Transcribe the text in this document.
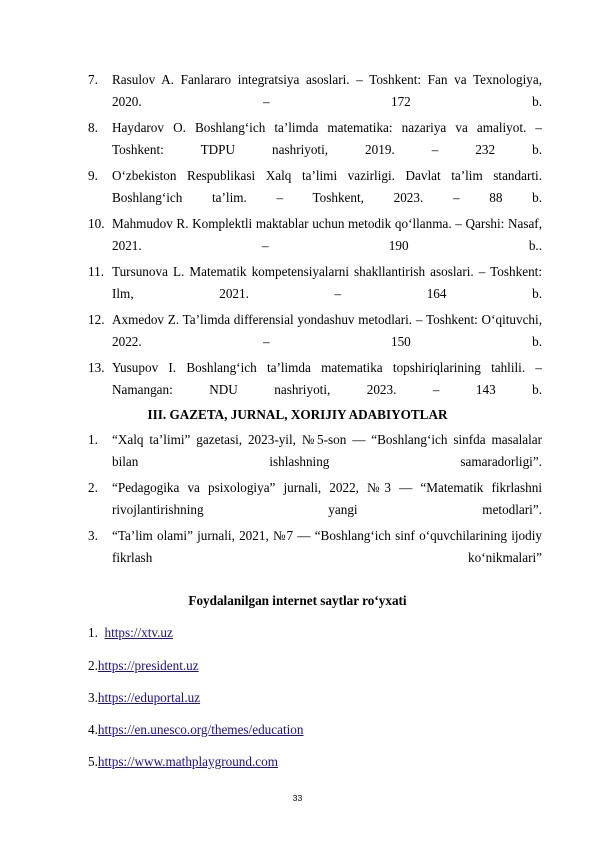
7.	Rasulov A. Fanlararo integratsiya asoslari. – Toshkent: Fan va Texnologiya, 2020. – 172 b.
8.	Haydarov O. Boshlang‘ich ta’limda matematika: nazariya va amaliyot. – Toshkent: TDPU nashriyoti, 2019. – 232 b.
9.	O‘zbekiston Respublikasi Xalq ta’limi vazirligi. Davlat ta’lim standarti. Boshlang‘ich ta’lim. – Toshkent, 2023. – 88 b.
10. Mahmudov R. Komplektli maktablar uchun metodik qo‘llanma. – Qarshi: Nasaf, 2021. – 190 b..
11. Tursunova L. Matematik kompetensiyalarni shakllantirish asoslari. – Toshkent: Ilm, 2021. – 164 b.
12. Axmedov Z. Ta’limda differensial yondashuv metodlari. – Toshkent: O‘qituvchi, 2022. – 150 b.
13. Yusupov I. Boshlang‘ich ta’limda matematika topshiriqlarining tahlili. – Namangan: NDU nashriyoti, 2023. – 143 b.
III. GAZETA, JURNAL, XORIJIY ADABIYOTLAR
1.	“Xalq ta’limi” gazetasi, 2023-yil, №5-son — “Boshlang‘ich sinfda masalalar bilan ishlashning samaradorligi”.
2.	“Pedagogika va psixologiya” jurnali, 2022, №3 — “Matematik fikrlashni rivojlantirishning yangi metodlari”.
3.	“Ta’lim olami” jurnali, 2021, №7 — “Boshlang‘ich sinf o‘quvchilarining ijodiy fikrlash ko‘nikmalari”
Foydalanilgan internet saytlar ro‘yxati
1. https://xtv.uz
2.https://president.uz
3.https://eduportal.uz
4.https://en.unesco.org/themes/education
5.https://www.mathplayground.com
33
